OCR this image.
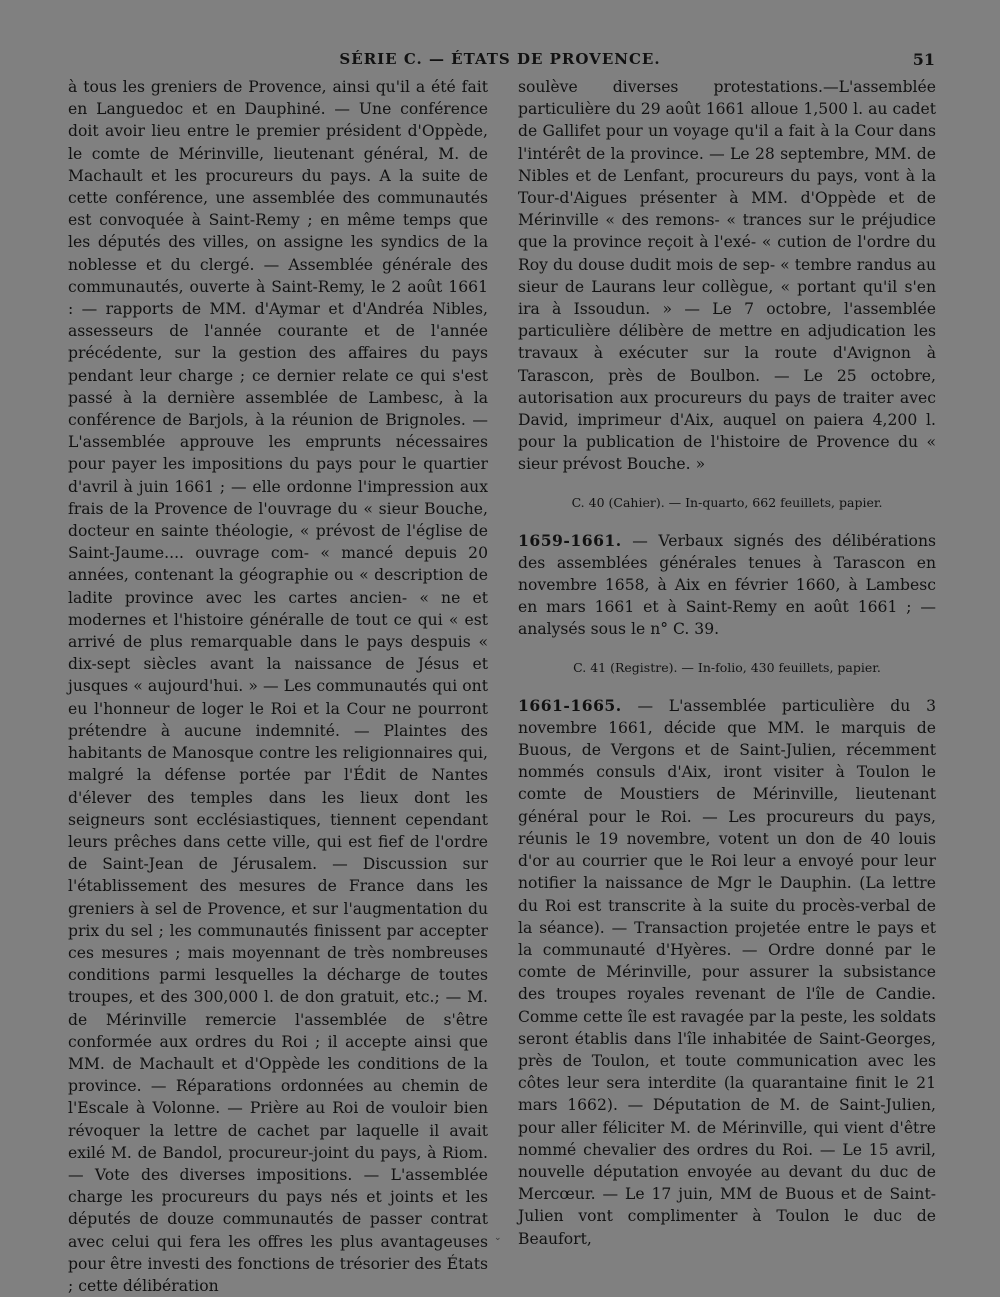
SÉRIE C. — ÉTATS DE PROVENCE.	51

à tous les greniers de Provence, ainsi qu'il a été fait en Languedoc et en Dauphiné. — Une conférence doit avoir lieu entre le premier président d'Oppède, le comte de Mérinville, lieutenant général, M. de Machault et les procureurs du pays. A la suite de cette conférence, une assemblée des communautés est convoquée à Saint-Remy ; en même temps que les députés des villes, on assigne les syndics de la noblesse et du clergé. — Assemblée générale des communautés, ouverte à Saint-Remy, le 2 août 1661 : — rapports de MM. d'Aymar et d'Andréa Nibles, assesseurs de l'année courante et de l'année précédente, sur la gestion des affaires du pays pendant leur charge ; ce dernier relate ce qui s'est passé à la dernière assemblée de Lambesc, à la conférence de Barjols, à la réunion de Brignoles. — L'assemblée approuve les emprunts nécessaires pour payer les impositions du pays pour le quartier d'avril à juin 1661 ; — elle ordonne l'impression aux frais de la Provence de l'ouvrage du « sieur Bouche, docteur en sainte théologie, « prévost de l'église de Saint-Jaume.... ouvrage com- « mancé depuis 20 années, contenant la géographie ou « description de ladite province avec les cartes ancien- « ne et modernes et l'histoire généralle de tout ce qui « est arrivé de plus remarquable dans le pays despuis « dix-sept siècles avant la naissance de Jésus et jusques « aujourd'hui. » — Les communautés qui ont eu l'honneur de loger le Roi et la Cour ne pourront prétendre à aucune indemnité. — Plaintes des habitants de Manosque contre les religionnaires qui, malgré la défense portée par l'Édit de Nantes d'élever des temples dans les lieux dont les seigneurs sont ecclésiastiques, tiennent cependant leurs prêches dans cette ville, qui est fief de l'ordre de Saint-Jean de Jérusalem. — Discussion sur l'établissement des mesures de France dans les greniers à sel de Provence, et sur l'augmentation du prix du sel ; les communautés finissent par accepter ces mesures ; mais moyennant de très nombreuses conditions parmi lesquelles la décharge de toutes troupes, et des 300,000 l. de don gratuit, etc.; — M. de Mérinville remercie l'assemblée de s'être conformée aux ordres du Roi ; il accepte ainsi que MM. de Machault et d'Oppède les conditions de la province. — Réparations ordonnées au chemin de l'Escale à Volonne. — Prière au Roi de vouloir bien révoquer la lettre de cachet par laquelle il avait exilé M. de Bandol, procureur-joint du pays, à Riom. — Vote des diverses impositions. — L'assemblée charge les procureurs du pays nés et joints et les députés de douze communautés de passer contrat avec celui qui fera les offres les plus avantageuses pour être investi des fonctions de trésorier des États ; cette délibération

soulève diverses protestations.—L'assemblée particulière du 29 août 1661 alloue 1,500 l. au cadet de Gallifet pour un voyage qu'il a fait à la Cour dans l'intérêt de la province. — Le 28 septembre, MM. de Nibles et de Lenfant, procureurs du pays, vont à la Tour-d'Aigues présenter à MM. d'Oppède et de Mérinville « des remons- « trances sur le préjudice que la province reçoit à l'exé- « cution de l'ordre du Roy du douse dudit mois de sep- « tembre randus au sieur de Laurans leur collègue, « portant qu'il s'en ira à Issoudun. » — Le 7 octobre, l'assemblée particulière délibère de mettre en adjudication les travaux à exécuter sur la route d'Avignon à Tarascon, près de Boulbon. — Le 25 octobre, autorisation aux procureurs du pays de traiter avec David, imprimeur d'Aix, auquel on paiera 4,200 l. pour la publication de l'histoire de Provence du « sieur prévost Bouche. »

C. 40 (Cahier). — In-quarto, 662 feuillets, papier.

1659-1661. — Verbaux signés des délibérations des assemblées générales tenues à Tarascon en novembre 1658, à Aix en février 1660, à Lambesc en mars 1661 et à Saint-Remy en août 1661 ; — analysés sous le n° C. 39.

C. 41 (Registre). — In-folio, 430 feuillets, papier.

1661-1665. — L'assemblée particulière du 3 novembre 1661, décide que MM. le marquis de Buous, de Vergons et de Saint-Julien, récemment nommés consuls d'Aix, iront visiter à Toulon le comte de Moustiers de Mérinville, lieutenant général pour le Roi. — Les procureurs du pays, réunis le 19 novembre, votent un don de 40 louis d'or au courrier que le Roi leur a envoyé pour leur notifier la naissance de Mgr le Dauphin. (La lettre du Roi est transcrite à la suite du procès-verbal de la séance). — Transaction projetée entre le pays et la communauté d'Hyères. — Ordre donné par le comte de Mérinville, pour assurer la subsistance des troupes royales revenant de l'île de Candie. Comme cette île est ravagée par la peste, les soldats seront établis dans l'île inhabitée de Saint-Georges, près de Toulon, et toute communication avec les côtes leur sera interdite (la quarantaine finit le 21 mars 1662). — Députation de M. de Saint-Julien, pour aller féliciter M. de Mérinville, qui vient d'être nommé chevalier des ordres du Roi. — Le 15 avril, nouvelle députation envoyée au devant du duc de Mercœur. — Le 17 juin, MM de Buous et de Saint-Julien vont complimenter à Toulon le duc de Beaufort,

⌄
